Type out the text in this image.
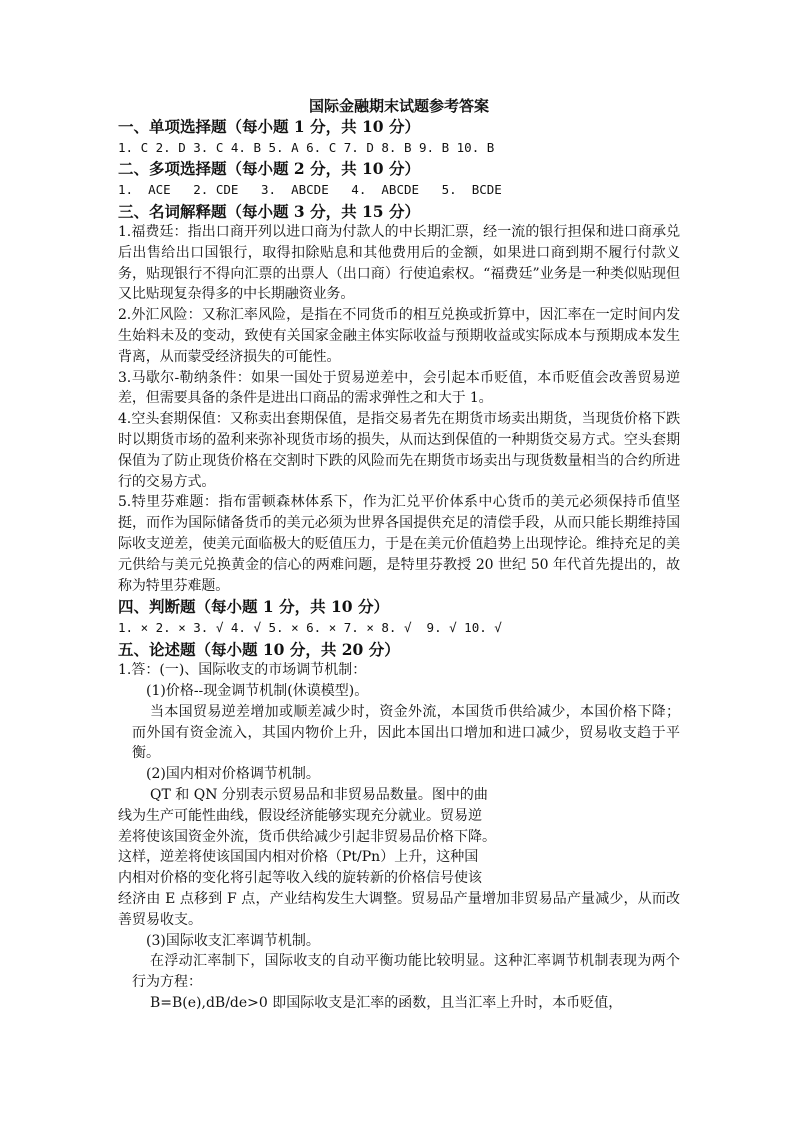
国际金融期末试题参考答案

一、单项选择题（每小题 1 分，共 10 分）

1. C 2. D 3. C 4. B 5. A 6. C 7. D 8. B 9. B 10. B

二、多项选择题（每小题 2 分，共 10 分）

1.  ACE   2. CDE   3.  ABCDE   4.  ABCDE   5.  BCDE

三、名词解释题（每小题 3 分，共 15 分）

1.福费廷：指出口商开列以进口商为付款人的中长期汇票，经一流的银行担保和进口商承兑后出售给出口国银行，取得扣除贴息和其他费用后的金额，如果进口商到期不履行付款义务，贴现银行不得向汇票的出票人（出口商）行使追索权。“福费廷”业务是一种类似贴现但又比贴现复杂得多的中长期融资业务。

2.外汇风险：又称汇率风险，是指在不同货币的相互兑换或折算中，因汇率在一定时间内发生始料未及的变动，致使有关国家金融主体实际收益与预期收益或实际成本与预期成本发生背离，从而蒙受经济损失的可能性。

3.马歇尔-勒纳条件：如果一国处于贸易逆差中，会引起本币贬值，本币贬值会改善贸易逆差，但需要具备的条件是进出口商品的需求弹性之和大于 1。

4.空头套期保值：又称卖出套期保值，是指交易者先在期货市场卖出期货，当现货价格下跌时以期货市场的盈利来弥补现货市场的损失，从而达到保值的一种期货交易方式。空头套期保值为了防止现货价格在交割时下跌的风险而先在期货市场卖出与现货数量相当的合约所进行的交易方式。

5.特里芬难题：指布雷顿森林体系下，作为汇兑平价体系中心货币的美元必须保持币值坚挺，而作为国际储备货币的美元必须为世界各国提供充足的清偿手段，从而只能长期维持国际收支逆差，使美元面临极大的贬值压力，于是在美元价值趋势上出现悖论。维持充足的美元供给与美元兑换黄金的信心的两难问题，是特里芬教授 20 世纪 50 年代首先提出的，故称为特里芬难题。

四、判断题（每小题 1 分，共 10 分）

1. × 2. × 3. √ 4. √ 5. × 6. × 7. × 8. √  9. √ 10. √

五、论述题（每小题 10 分，共 20 分）

1.答：(一)、国际收支的市场调节机制：

(1)价格--现金调节机制(休谟模型)。

当本国贸易逆差增加或顺差减少时，资金外流，本国货币供给减少，本国价格下降；而外国有资金流入，其国内物价上升，因此本国出口增加和进口减少，贸易收支趋于平衡。

(2)国内相对价格调节机制。

QT 和 QN 分别表示贸易品和非贸易品数量。图中的曲

线为生产可能性曲线，假设经济能够实现充分就业。贸易逆

差将使该国资金外流，货币供给减少引起非贸易品价格下降。

这样，逆差将使该国国内相对价格（Pt/Pn）上升，这种国

内相对价格的变化将引起等收入线的旋转新的价格信号使该

经济由 E 点移到 F 点，产业结构发生大调整。贸易品产量增加非贸易品产量减少，从而改善贸易收支。

(3)国际收支汇率调节机制。

在浮动汇率制下，国际收支的自动平衡功能比较明显。这种汇率调节机制表现为两个行为方程：

B=B(e),dB/de>0 即国际收支是汇率的函数，且当汇率上升时，本币贬值，
